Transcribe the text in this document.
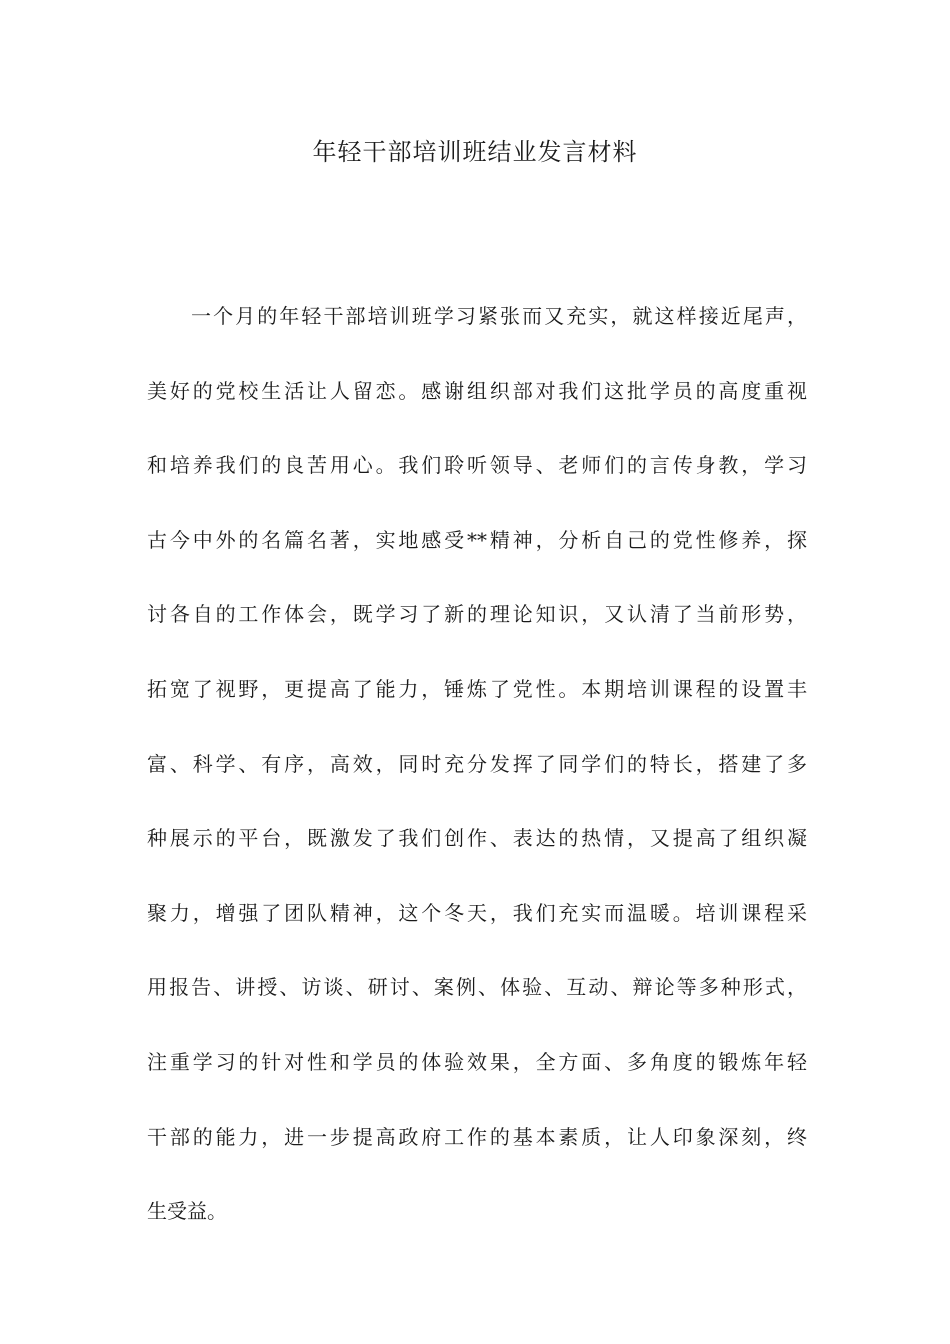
年轻干部培训班结业发言材料
一个月的年轻干部培训班学习紧张而又充实，就这样接近尾声，
美好的党校生活让人留恋。感谢组织部对我们这批学员的高度重视
和培养我们的良苦用心。我们聆听领导、老师们的言传身教，学习
古今中外的名篇名著，实地感受**精神，分析自己的党性修养，探
讨各自的工作体会，既学习了新的理论知识，又认清了当前形势，
拓宽了视野，更提高了能力，锤炼了党性。本期培训课程的设置丰
富、科学、有序，高效，同时充分发挥了同学们的特长，搭建了多
种展示的平台，既激发了我们创作、表达的热情，又提高了组织凝
聚力，增强了团队精神，这个冬天，我们充实而温暖。培训课程采
用报告、讲授、访谈、研讨、案例、体验、互动、辩论等多种形式，
注重学习的针对性和学员的体验效果，全方面、多角度的锻炼年轻
干部的能力，进一步提高政府工作的基本素质，让人印象深刻，终
生受益。
